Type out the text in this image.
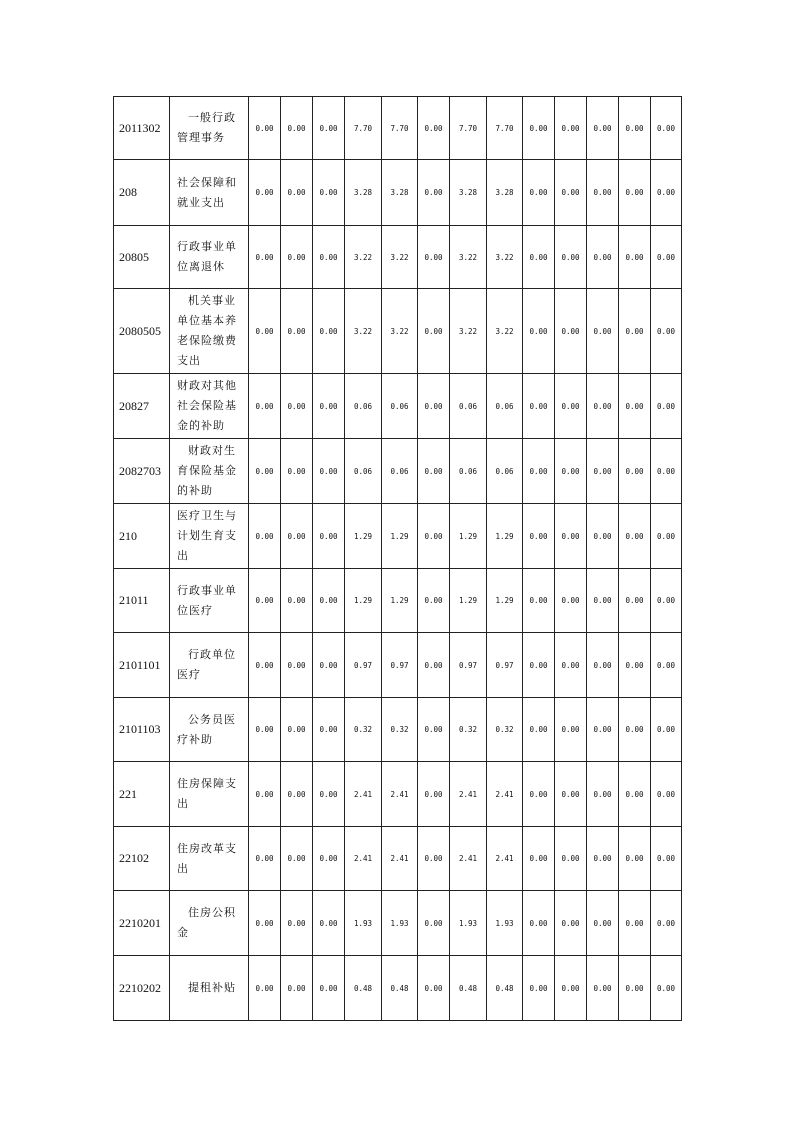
2011302	一般行政管理事务	0.00	0.00	0.00	7.70	7.70	0.00	7.70	7.70	0.00	0.00	0.00	0.00	0.00
208	社会保障和就业支出	0.00	0.00	0.00	3.28	3.28	0.00	3.28	3.28	0.00	0.00	0.00	0.00	0.00
20805	行政事业单位离退休	0.00	0.00	0.00	3.22	3.22	0.00	3.22	3.22	0.00	0.00	0.00	0.00	0.00
2080505	机关事业单位基本养老保险缴费支出	0.00	0.00	0.00	3.22	3.22	0.00	3.22	3.22	0.00	0.00	0.00	0.00	0.00
20827	财政对其他社会保险基金的补助	0.00	0.00	0.00	0.06	0.06	0.00	0.06	0.06	0.00	0.00	0.00	0.00	0.00
2082703	财政对生育保险基金的补助	0.00	0.00	0.00	0.06	0.06	0.00	0.06	0.06	0.00	0.00	0.00	0.00	0.00
210	医疗卫生与计划生育支出	0.00	0.00	0.00	1.29	1.29	0.00	1.29	1.29	0.00	0.00	0.00	0.00	0.00
21011	行政事业单位医疗	0.00	0.00	0.00	1.29	1.29	0.00	1.29	1.29	0.00	0.00	0.00	0.00	0.00
2101101	行政单位医疗	0.00	0.00	0.00	0.97	0.97	0.00	0.97	0.97	0.00	0.00	0.00	0.00	0.00
2101103	公务员医疗补助	0.00	0.00	0.00	0.32	0.32	0.00	0.32	0.32	0.00	0.00	0.00	0.00	0.00
221	住房保障支出	0.00	0.00	0.00	2.41	2.41	0.00	2.41	2.41	0.00	0.00	0.00	0.00	0.00
22102	住房改革支出	0.00	0.00	0.00	2.41	2.41	0.00	2.41	2.41	0.00	0.00	0.00	0.00	0.00
2210201	住房公积金	0.00	0.00	0.00	1.93	1.93	0.00	1.93	1.93	0.00	0.00	0.00	0.00	0.00
2210202	提租补贴	0.00	0.00	0.00	0.48	0.48	0.00	0.48	0.48	0.00	0.00	0.00	0.00	0.00
